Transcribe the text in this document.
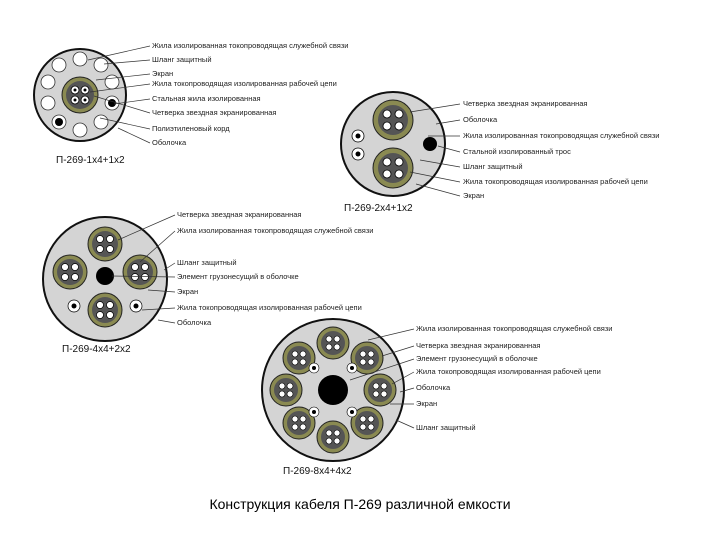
Жила изолированная токопроводящая служебной связи
Шланг защитный
Экран
Жила токопроводящая изолированная рабочей цепи
Стальная жила изолированная
Четверка звездная экранированная
Полиэтиленовый корд
Оболочка
П-269-1х4+1х2
Четверка звездная экранированная
Оболочка
Жила изолированная токопроводящая служебной связи
Стальной изолированный трос
Шланг защитный
Жила токопроводящая изолированная рабочей цепи
Экран
П-269-2х4+1х2
Четверка звездная экранированная
Жила изолированная токопроводящая служебной связи
Шланг защитный
Элемент грузонесущий в оболочке
Экран
Жила токопроводящая изолированная рабочей цепи
Оболочка
П-269-4х4+2х2
Жила изолированная токопроводящая служебной связи
Четверка звездная экранированная
Элемент грузонесущий в оболочке
Жила токопроводящая изолированная рабочей цепи
Оболочка
Экран
Шланг защитный
П-269-8х4+4х2
Конструкция кабеля П-269 различной емкости
